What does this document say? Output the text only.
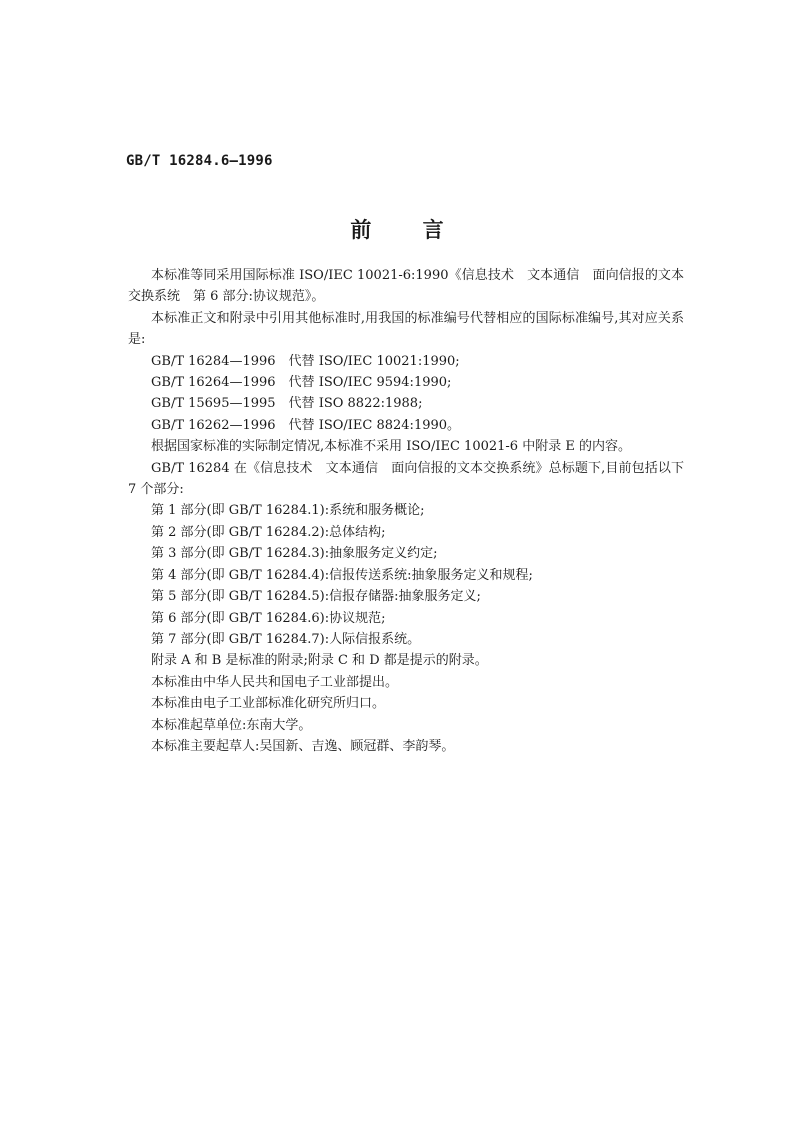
GB/T 16284.6—1996
前 言

本标准等同采用国际标准 ISO/IEC 10021-6:1990《信息技术　文本通信　面向信报的文本交换系统　第 6 部分:协议规范》。

本标准正文和附录中引用其他标准时,用我国的标准编号代替相应的国际标准编号,其对应关系是:

GB/T 16284—1996　代替 ISO/IEC 10021:1990;

GB/T 16264—1996　代替 ISO/IEC 9594:1990;

GB/T 15695—1995　代替 ISO 8822:1988;

GB/T 16262—1996　代替 ISO/IEC 8824:1990。

根据国家标准的实际制定情况,本标准不采用 ISO/IEC 10021-6 中附录 E 的内容。

GB/T 16284 在《信息技术　文本通信　面向信报的文本交换系统》总标题下,目前包括以下 7 个部分:

第 1 部分(即 GB/T 16284.1):系统和服务概论;

第 2 部分(即 GB/T 16284.2):总体结构;

第 3 部分(即 GB/T 16284.3):抽象服务定义约定;

第 4 部分(即 GB/T 16284.4):信报传送系统:抽象服务定义和规程;

第 5 部分(即 GB/T 16284.5):信报存储器:抽象服务定义;

第 6 部分(即 GB/T 16284.6):协议规范;

第 7 部分(即 GB/T 16284.7):人际信报系统。

附录 A 和 B 是标准的附录;附录 C 和 D 都是提示的附录。

本标准由中华人民共和国电子工业部提出。

本标准由电子工业部标准化研究所归口。

本标准起草单位:东南大学。

本标准主要起草人:吴国新、吉逸、顾冠群、李韵琴。
